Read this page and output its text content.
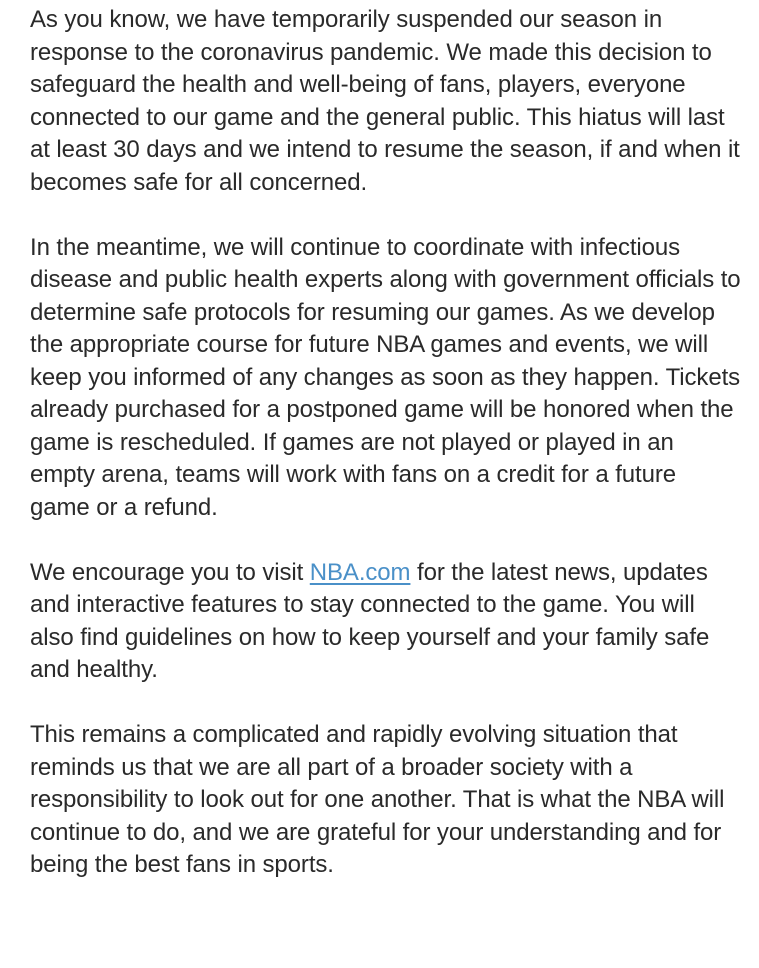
As you know, we have temporarily suspended our season in response to the coronavirus pandemic. We made this decision to safeguard the health and well-being of fans, players, everyone connected to our game and the general public. This hiatus will last at least 30 days and we intend to resume the season, if and when it becomes safe for all concerned.

In the meantime, we will continue to coordinate with infectious disease and public health experts along with government officials to determine safe protocols for resuming our games. As we develop the appropriate course for future NBA games and events, we will keep you informed of any changes as soon as they happen. Tickets already purchased for a postponed game will be honored when the game is rescheduled. If games are not played or played in an empty arena, teams will work with fans on a credit for a future game or a refund.

We encourage you to visit NBA.com for the latest news, updates and interactive features to stay connected to the game. You will also find guidelines on how to keep yourself and your family safe and healthy.

This remains a complicated and rapidly evolving situation that reminds us that we are all part of a broader society with a responsibility to look out for one another. That is what the NBA will continue to do, and we are grateful for your understanding and for being the best fans in sports.
